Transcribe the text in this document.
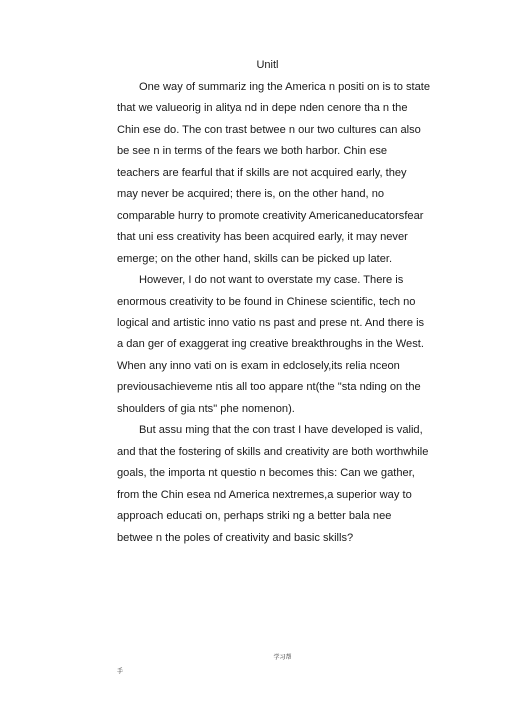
Unitl

One way of summariz ing the America n positi on is to state
that we valueorig in alitya nd in depe nden cenore tha n the
Chin ese do. The con trast betwee n our two cultures can also
be see n in terms of the fears we both harbor. Chin ese
teachers are fearful that if skills are not acquired early, they
may never be acquired; there is, on the other hand, no
comparable hurry to promote creativity Americaneducatorsfear
that uni ess creativity has been acquired early, it may never
emerge; on the other hand, skills can be picked up later.

However, I do not want to overstate my case. There is
enormous creativity to be found in Chinese scientific, tech no
logical and artistic inno vatio ns past and prese nt. And there is
a dan ger of exaggerat ing creative breakthroughs in the West.
When any inno vati on is exam in edclosely,its relia nceon
previousachieveme ntis all too appare nt(the "sta nding on the
shoulders of gia nts" phe nomenon).

But assu ming that the con trast I have developed is valid,
and that the fostering of skills and creativity are both worthwhile
goals, the importa nt questio n becomes this: Can we gather,
from the Chin esea nd America nextremes,a superior way to
approach educati on, perhaps striki ng a better bala nee
betwee n the poles of creativity and basic skills?

学习帮
手
